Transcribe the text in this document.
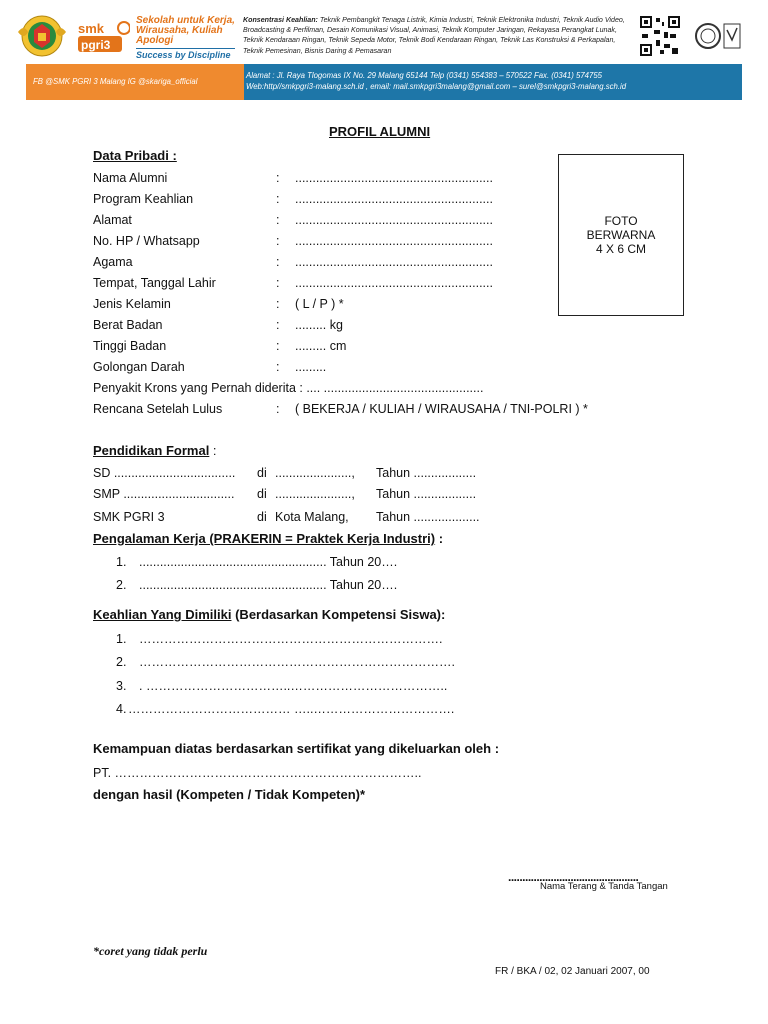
smk
pgri3
Sekolah untuk Kerja,
Wirausaha, Kuliah
Apologi
Success by Discipline
Konsentrasi Keahlian: Teknik Pembangkit Tenaga Listrik, Kimia Industri, Teknik Elektronika Industri, Teknik Audio Video, Broadcasting & Perfilman, Desain Komunikasi Visual, Animasi, Teknik Komputer Jaringan, Rekayasa Perangkat Lunak, Teknik Kendaraan Ringan, Teknik Sepeda Motor, Teknik Bodi Kendaraan Ringan, Teknik Las Konstruksi & Perkapalan, Teknik Pemesinan, Bisnis Daring & Pemasaran
FB @SMK PGRI 3 Malang IG @skariga_official
Alamat : Jl. Raya Tlogomas IX No. 29 Malang 65144 Telp (0341) 554383 – 570522 Fax. (0341) 574755
Web:http//smkpgri3-malang.sch.id , email: mail.smkpgri3malang@gmail.com – surel@smkpgri3-malang.sch.id
PROFIL ALUMNI
FOTO
BERWARNA
4 X 6 CM
Data Pribadi :
Nama Alumni	: .........................................................
Program Keahlian	: .........................................................
Alamat	: .........................................................
No. HP / Whatsapp	: .........................................................
Agama	: .........................................................
Tempat, Tanggal Lahir	: .........................................................
Jenis Kelamin	: ( L / P ) *
Berat Badan	: ......... kg
Tinggi Badan	: ......... cm
Golongan Darah	: .........
Penyakit Krons yang Pernah diderita : .... ..............................................
Rencana Setelah Lulus	: ( BEKERJA / KULIAH / WIRAUSAHA / TNI-POLRI ) *
Pendidikan Formal :
SD ................................... di ......................, Tahun ..................
SMP ................................ di ......................, Tahun ..................
SMK PGRI 3	di Kota Malang, Tahun ...................
Pengalaman Kerja (PRAKERIN = Praktek Kerja Industri) :
1. ...................................................... Tahun 20….
2. ...................................................... Tahun 20….
Keahlian Yang Dimiliki (Berdasarkan Kompetensi Siswa):
1. ……………………………………………………………….
2. ………………………………………………………………….
3. . ……………………………..………………………………..
4. ………………………………… …..…………………………….
Kemampuan diatas berdasarkan sertifikat yang dikeluarkan oleh :
PT. ………………………………………………………………..
dengan hasil (Kompeten / Tidak Kompeten)*
..............................................
Nama Terang & Tanda Tangan
*coret yang tidak perlu
FR / BKA / 02, 02 Januari 2007, 00
